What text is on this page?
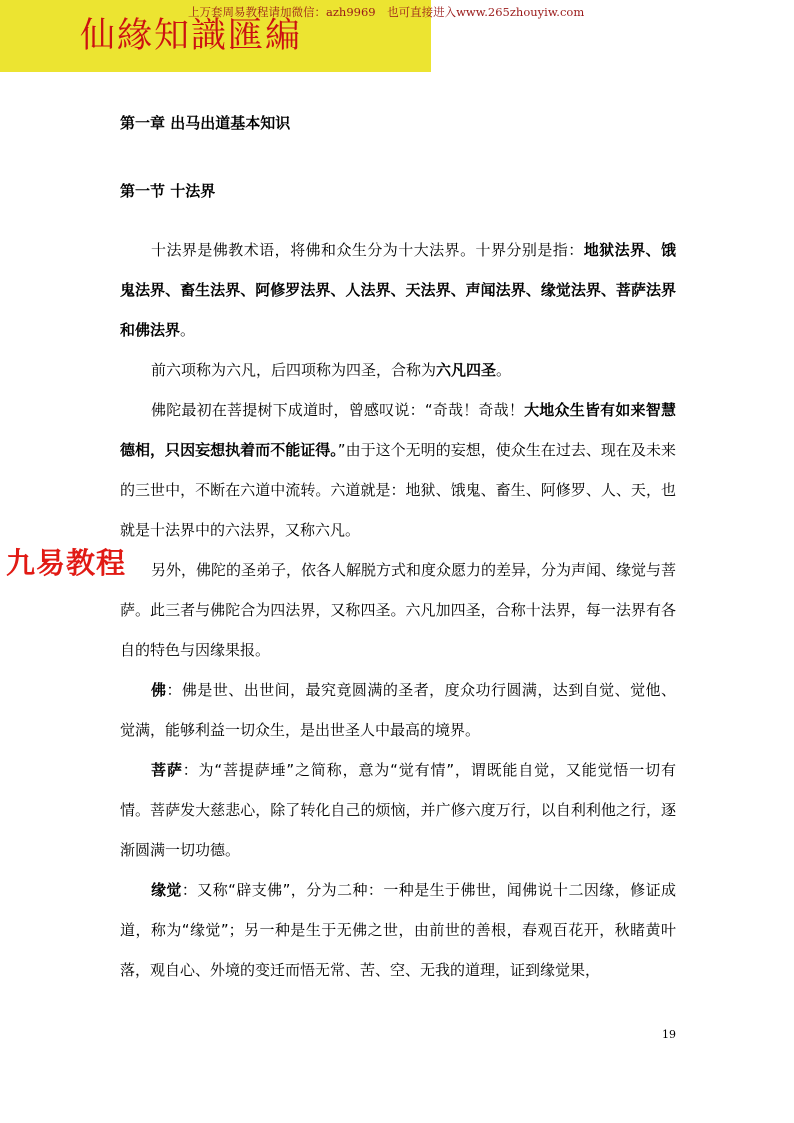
仙緣知識匯編
上万套周易教程请加微信：azh9969　也可直接进入www.265zhouyiw.com
九易教程
第一章 出马出道基本知识
第一节 十法界

十法界是佛教术语，将佛和众生分为十大法界。十界分别是指：地狱法界、饿鬼法界、畜生法界、阿修罗法界、人法界、天法界、声闻法界、缘觉法界、菩萨法界和佛法界。

前六项称为六凡，后四项称为四圣，合称为六凡四圣。

佛陀最初在菩提树下成道时，曾感叹说：“奇哉！奇哉！大地众生皆有如来智慧德相，只因妄想执着而不能证得。”由于这个无明的妄想，使众生在过去、现在及未来的三世中，不断在六道中流转。六道就是：地狱、饿鬼、畜生、阿修罗、人、天，也就是十法界中的六法界，又称六凡。

另外，佛陀的圣弟子，依各人解脱方式和度众愿力的差异，分为声闻、缘觉与菩萨。此三者与佛陀合为四法界，又称四圣。六凡加四圣，合称十法界，每一法界有各自的特色与因缘果报。

佛：佛是世、出世间，最究竟圆满的圣者，度众功行圆满，达到自觉、觉他、觉满，能够利益一切众生，是出世圣人中最高的境界。

菩萨：为“菩提萨埵”之简称，意为“觉有情”，谓既能自觉，又能觉悟一切有情。菩萨发大慈悲心，除了转化自己的烦恼，并广修六度万行，以自利利他之行，逐渐圆满一切功德。

缘觉：又称“辟支佛”，分为二种：一种是生于佛世，闻佛说十二因缘，修证成道，称为“缘觉”；另一种是生于无佛之世，由前世的善根，春观百花开，秋睹黄叶落，观自心、外境的变迁而悟无常、苦、空、无我的道理，证到缘觉果，

19
